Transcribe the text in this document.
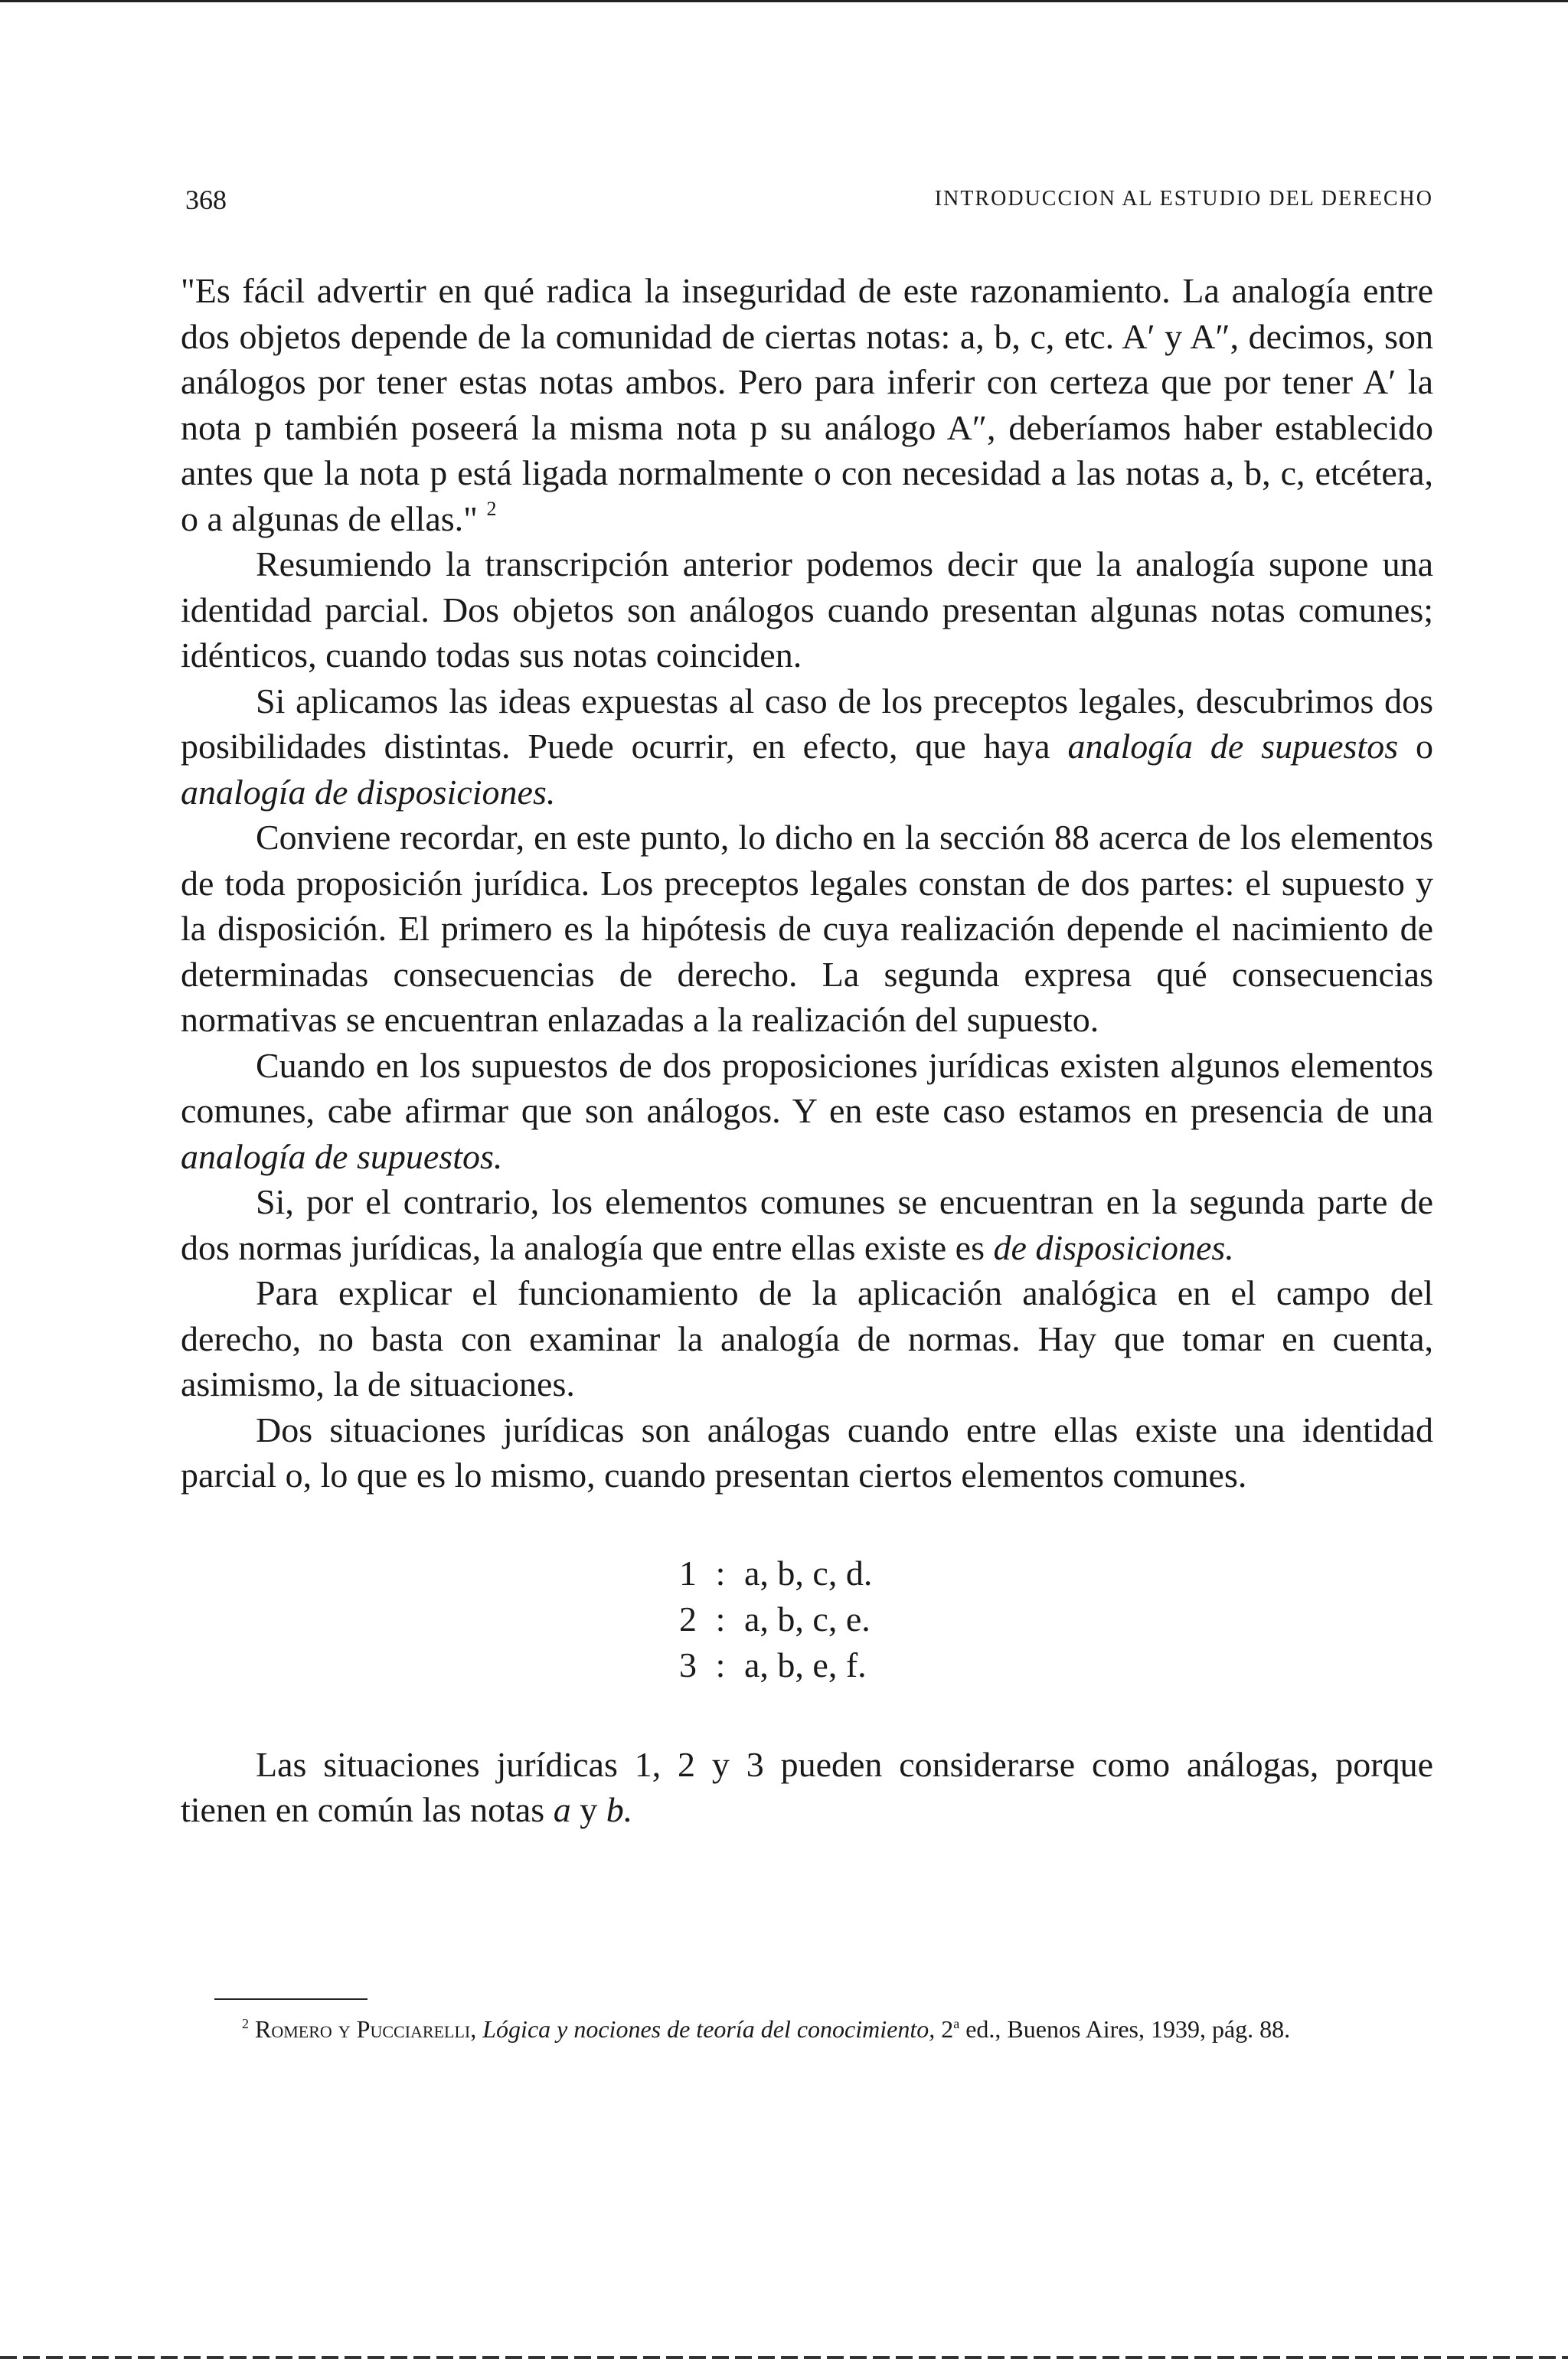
368	INTRODUCCION AL ESTUDIO DEL DERECHO

"Es fácil advertir en qué radica la inseguridad de este razonamiento. La analogía entre dos objetos depende de la comunidad de ciertas notas: a, b, c, etc. A′ y A″, decimos, son análogos por tener estas notas ambos. Pero para inferir con certeza que por tener A′ la nota p también poseerá la misma nota p su análogo A″, deberíamos haber establecido antes que la nota p está ligada normalmente o con necesidad a las notas a, b, c, etcétera, o a algunas de ellas." $^2$

Resumiendo la transcripción anterior podemos decir que la analogía supone una identidad parcial. Dos objetos son análogos cuando presentan algunas notas comunes; idénticos, cuando todas sus notas coinciden.

Si aplicamos las ideas expuestas al caso de los preceptos legales, descubrimos dos posibilidades distintas. Puede ocurrir, en efecto, que haya analogía de supuestos o analogía de disposiciones.

Conviene recordar, en este punto, lo dicho en la sección 88 acerca de los elementos de toda proposición jurídica. Los preceptos legales constan de dos partes: el supuesto y la disposición. El primero es la hipótesis de cuya realización depende el nacimiento de determinadas consecuencias de derecho. La segunda expresa qué consecuencias normativas se encuentran enlazadas a la realización del supuesto.

Cuando en los supuestos de dos proposiciones jurídicas existen algunos elementos comunes, cabe afirmar que son análogos. Y en este caso estamos en presencia de una analogía de supuestos.

Si, por el contrario, los elementos comunes se encuentran en la segunda parte de dos normas jurídicas, la analogía que entre ellas existe es de disposiciones.

Para explicar el funcionamiento de la aplicación analógica en el campo del derecho, no basta con examinar la analogía de normas. Hay que tomar en cuenta, asimismo, la de situaciones.

Dos situaciones jurídicas son análogas cuando entre ellas existe una identidad parcial o, lo que es lo mismo, cuando presentan ciertos elementos comunes.

1 : a, b, c, d.
2 : a, b, c, e.
3 : a, b, e, f.

Las situaciones jurídicas 1, 2 y 3 pueden considerarse como análogas, porque tienen en común las notas a y b.

$^2$ Romero y Pucciarelli, Lógica y nociones de teoría del conocimiento, 2$^a$ ed., Buenos Aires, 1939, pág. 88.
